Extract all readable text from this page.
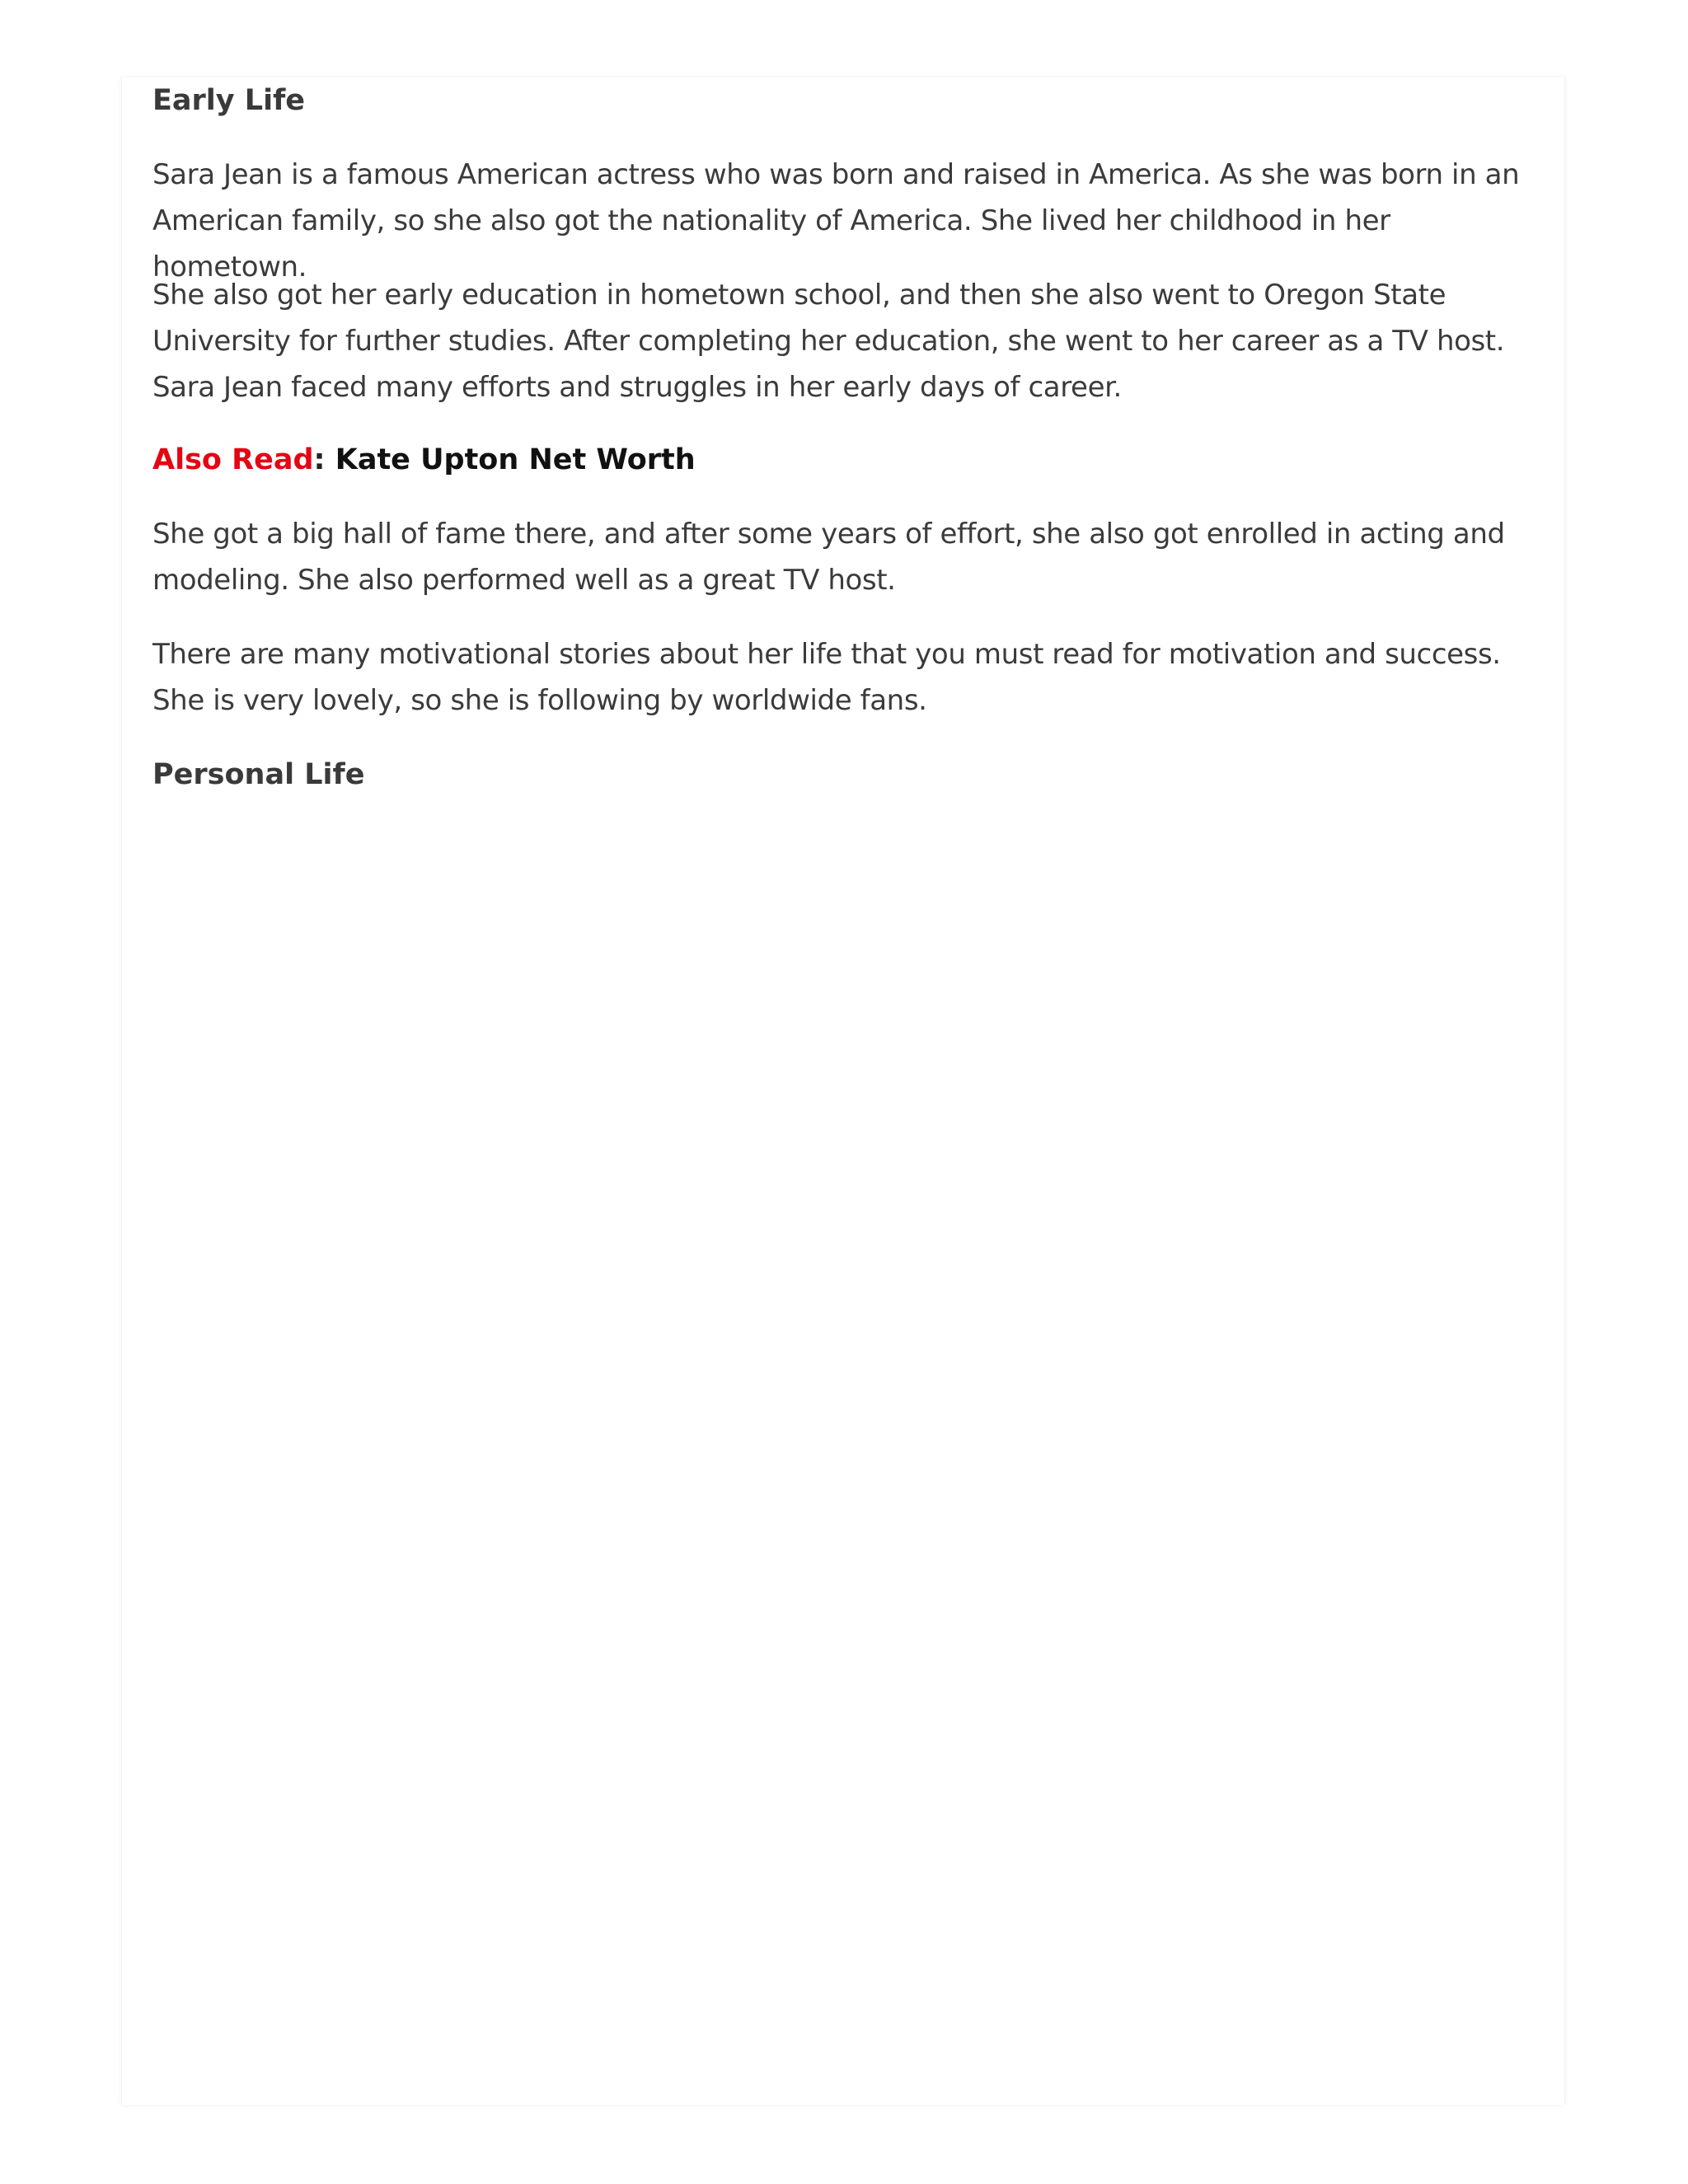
Early Life

Sara Jean is a famous American actress who was born and raised in America. As she was born in an American family, so she also got the nationality of America. She lived her childhood in her hometown.

She also got her early education in hometown school, and then she also went to Oregon State University for further studies. After completing her education, she went to her career as a TV host. Sara Jean faced many efforts and struggles in her early days of career.

Also Read: Kate Upton Net Worth

She got a big hall of fame there, and after some years of effort, she also got enrolled in acting and modeling. She also performed well as a great TV host.

There are many motivational stories about her life that you must read for motivation and success. She is very lovely, so she is following by worldwide fans.

Personal Life
